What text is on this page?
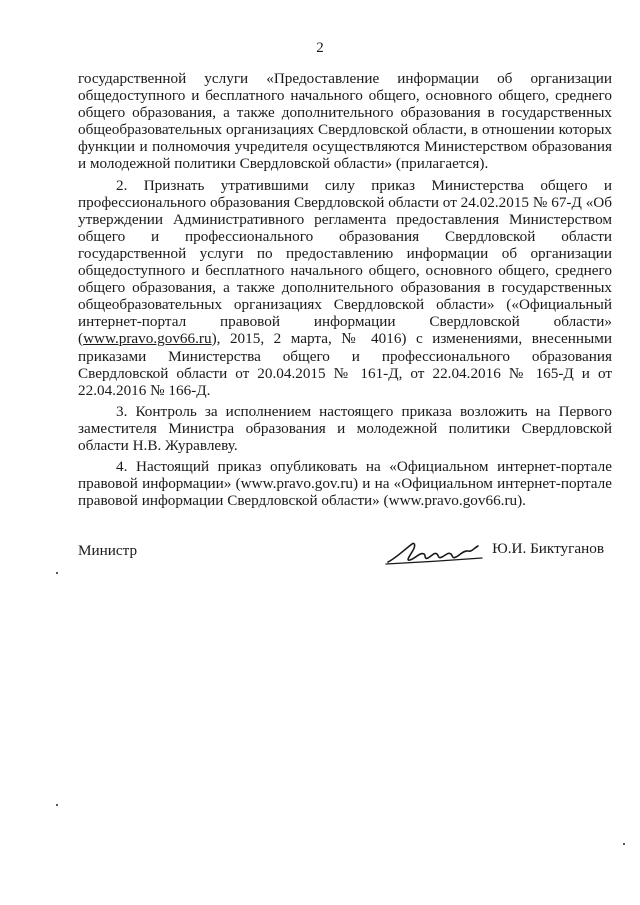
2

государственной услуги «Предоставление информации об организации общедоступного и бесплатного начального общего, основного общего, среднего общего образования, а также дополнительного образования в государственных общеобразовательных организациях Свердловской области, в отношении которых функции и полномочия учредителя осуществляются Министерством образования и молодежной политики Свердловской области» (прилагается).

2. Признать утратившими силу приказ Министерства общего и профессионального образования Свердловской области от 24.02.2015 № 67-Д «Об утверждении Административного регламента предоставления Министерством общего и профессионального образования Свердловской области государственной услуги по предоставлению информации об организации общедоступного и бесплатного начального общего, основного общего, среднего общего образования, а также дополнительного образования в государственных общеобразовательных организациях Свердловской области» («Официальный интернет-портал правовой информации Свердловской области» (www.pravo.gov66.ru), 2015, 2 марта, № 4016) с изменениями, внесенными приказами Министерства общего и профессионального образования Свердловской области от 20.04.2015 № 161-Д, от 22.04.2016 № 165-Д и от 22.04.2016 № 166-Д.

3. Контроль за исполнением настоящего приказа возложить на Первого заместителя Министра образования и молодежной политики Свердловской области Н.В. Журавлеву.

4. Настоящий приказ опубликовать на «Официальном интернет-портале правовой информации» (www.pravo.gov.ru) и на «Официальном интернет-портале правовой информации Свердловской области» (www.pravo.gov66.ru).

Министр	Ю.И. Биктуганов
